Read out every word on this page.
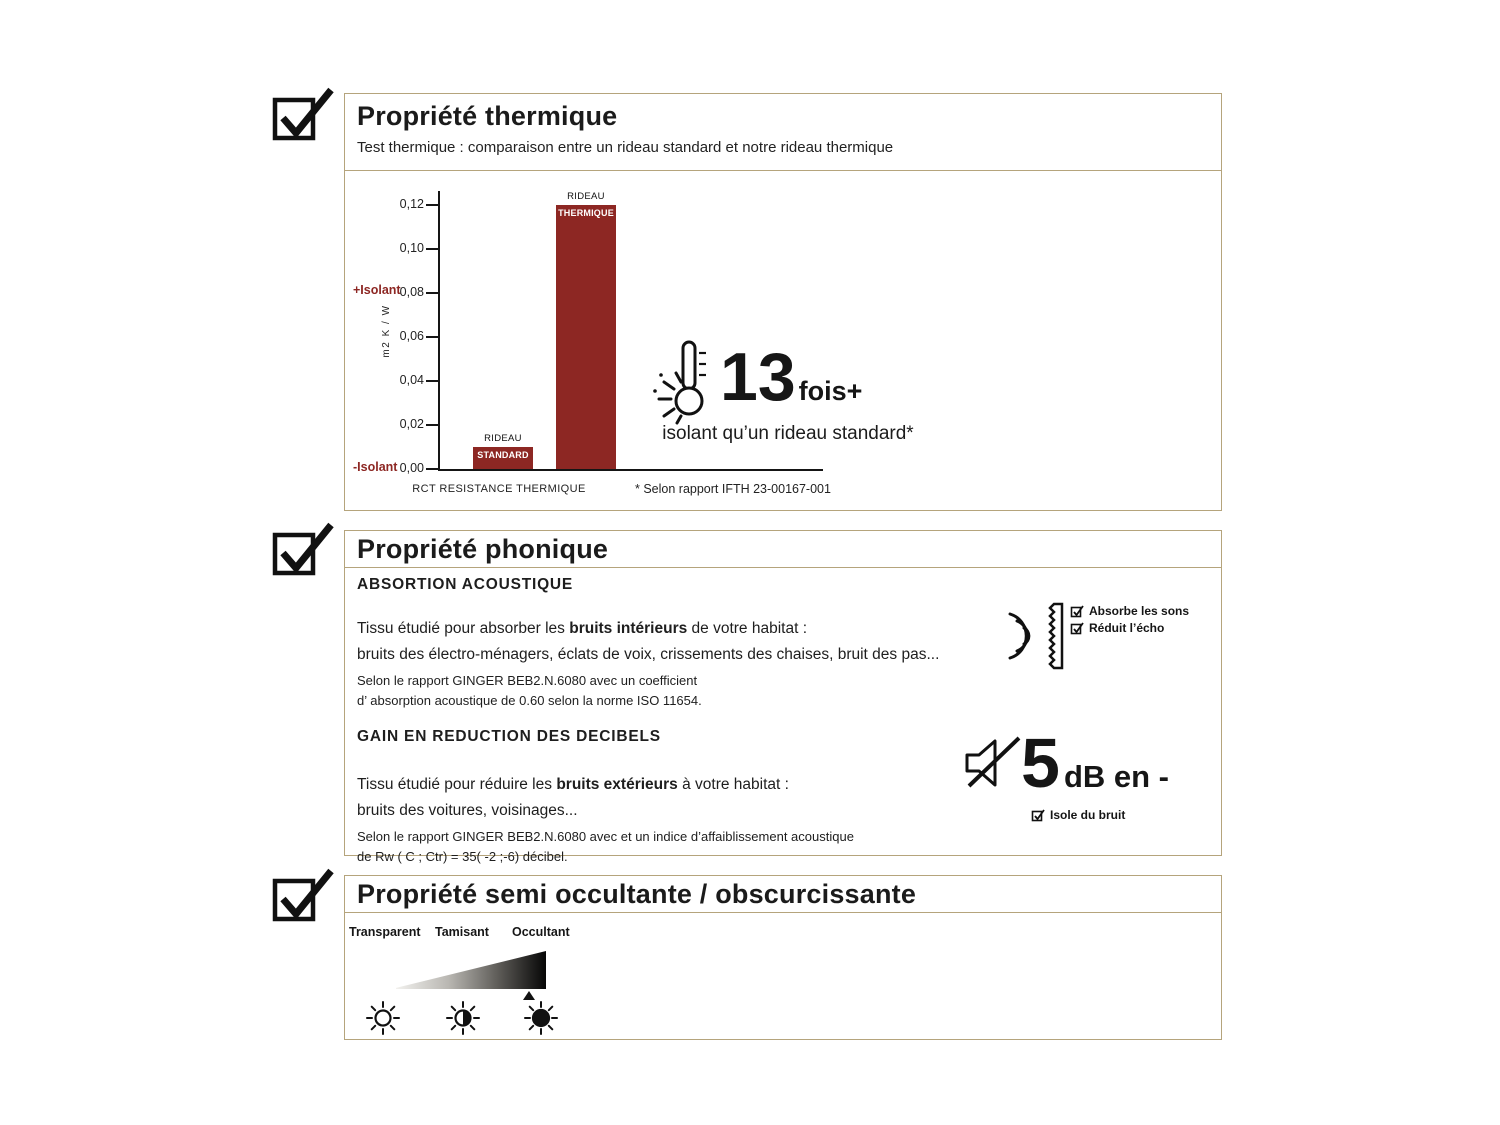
Propriété thermique
Test thermique : comparaison entre un rideau standard et notre rideau thermique
m2 K / W
+Isolant
-Isolant
0,12
0,10
0,08
0,06
0,04
0,02
0,00
STANDARD
RIDEAU
THERMIQUE
RIDEAU
RCT RESISTANCE THERMIQUE	* Selon rapport IFTH 23-00167-001
13 fois+
isolant qu’un rideau standard*
Propriété phonique
ABSORTION ACOUSTIQUE
Tissu étudié pour absorber les bruits intérieurs de votre habitat :
bruits des électro-ménagers, éclats de voix, crissements des chaises, bruit des pas...
Selon le rapport GINGER BEB2.N.6080 avec un coefficient
d’ absorption acoustique de 0.60 selon la norme ISO 11654.
GAIN EN REDUCTION DES DECIBELS
Tissu étudié pour réduire les bruits extérieurs à votre habitat :
bruits des voitures, voisinages...
Selon le rapport GINGER BEB2.N.6080 avec et un indice d’affaiblissement acoustique
de Rw ( C ; Ctr) = 35( -2 ;-6) décibel.
Absorbe les sons
Réduit l’écho
5 dB en -
Isole du bruit
Propriété semi occultante / obscurcissante
Transparent Tamisant Occultant
